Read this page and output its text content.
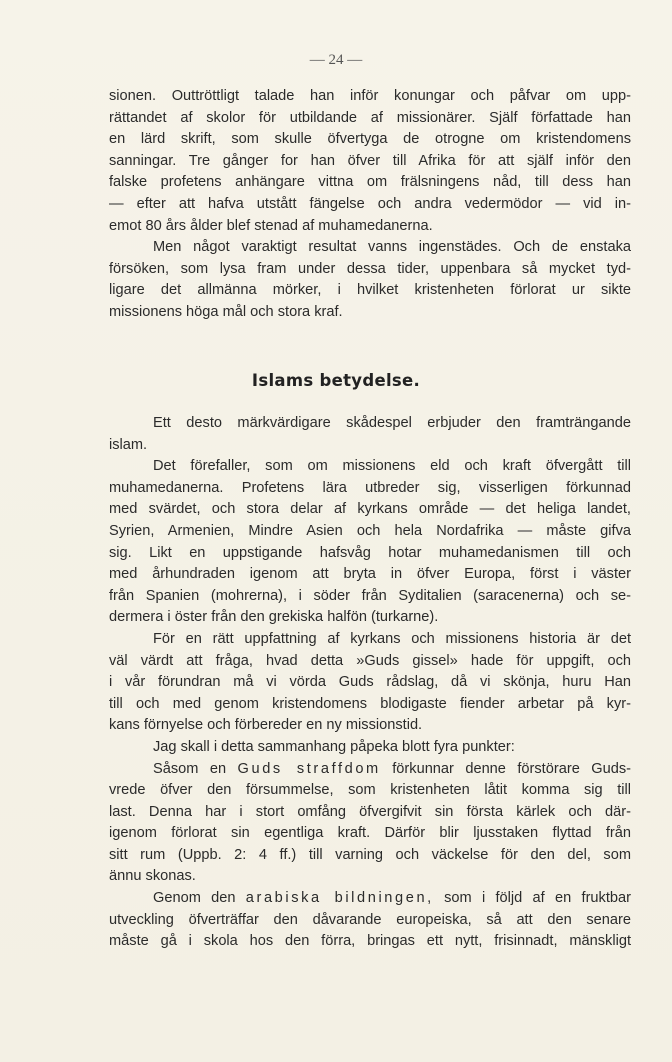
— 24 —
sionen. Outtröttligt talade han inför konungar och påfvar om upp-
rättandet af skolor för utbildande af missionärer. Själf författade han
en lärd skrift, som skulle öfvertyga de otrogne om kristendomens
sanningar. Tre gånger for han öfver till Afrika för att själf inför den
falske profetens anhängare vittna om frälsningens nåd, till dess han
— efter att hafva utstått fängelse och andra vedermödor — vid in-
emot 80 års ålder blef stenad af muhamedanerna.
Men något varaktigt resultat vanns ingenstädes. Och de enstaka
försöken, som lysa fram under dessa tider, uppenbara så mycket tyd-
ligare det allmänna mörker, i hvilket kristenheten förlorat ur sikte
missionens höga mål och stora kraf.
Islams betydelse.
Ett desto märkvärdigare skådespel erbjuder den framträngande
islam.
Det förefaller, som om missionens eld och kraft öfvergått till
muhamedanerna. Profetens lära utbreder sig, visserligen förkunnad
med svärdet, och stora delar af kyrkans område — det heliga landet,
Syrien, Armenien, Mindre Asien och hela Nordafrika — måste gifva
sig. Likt en uppstigande hafsvåg hotar muhamedanismen till och
med århundraden igenom att bryta in öfver Europa, först i väster
från Spanien (mohrerna), i söder från Syditalien (saracenerna) och se-
dermera i öster från den grekiska halfön (turkarne).
För en rätt uppfattning af kyrkans och missionens historia är det
väl värdt att fråga, hvad detta »Guds gissel» hade för uppgift, och
i vår förundran må vi vörda Guds rådslag, då vi skönja, huru Han
till och med genom kristendomens blodigaste fiender arbetar på kyr-
kans förnyelse och förbereder en ny missionstid.
Jag skall i detta sammanhang påpeka blott fyra punkter:
Såsom en Guds straffdom förkunnar denne förstörare Guds-
vrede öfver den försummelse, som kristenheten låtit komma sig till
last. Denna har i stort omfång öfvergifvit sin första kärlek och där-
igenom förlorat sin egentliga kraft. Därför blir ljusstaken flyttad från
sitt rum (Uppb. 2: 4 ff.) till varning och väckelse för den del, som
ännu skonas.
Genom den arabiska bildningen, som i följd af en fruktbar
utveckling öfverträffar den dåvarande europeiska, så att den senare
måste gå i skola hos den förra, bringas ett nytt, frisinnadt, mänskligt
